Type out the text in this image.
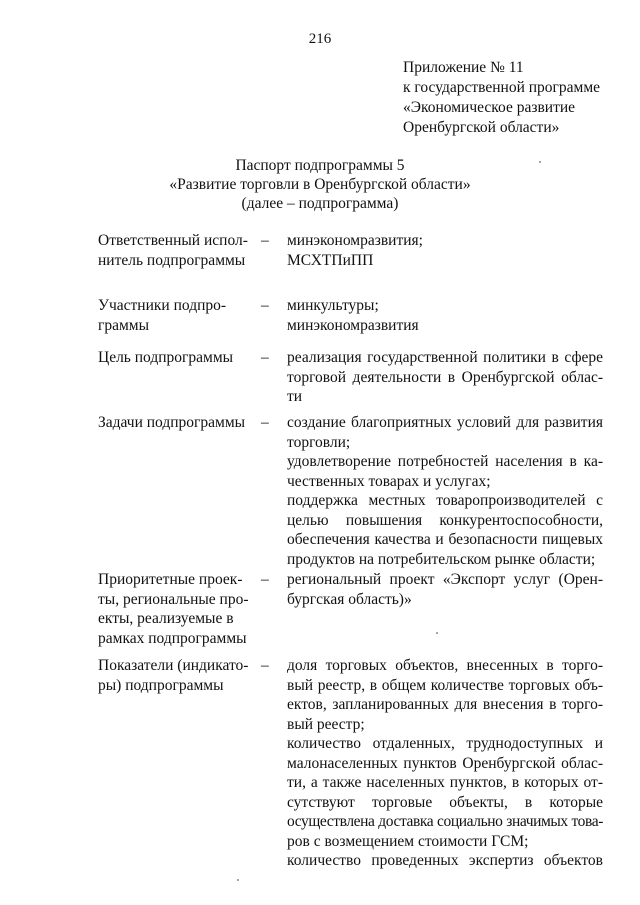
216
Приложение № 11
к государственной программе
«Экономическое развитие
Оренбургской области»
Паспорт подпрограммы 5
«Развитие торговли в Оренбургской области»
(далее – подпрограмма)
Ответственный испол-
нитель подпрограммы
– минэкономразвития;
МСХТПиПП
Участники подпро-
граммы
– минкультуры;
минэкономразвития
Цель подпрограммы	– реализация государственной политики в сфере
торговой деятельности в Оренбургской облас-
ти
Задачи подпрограммы	– создание благоприятных условий для развития
торговли;
удовлетворение потребностей населения в ка-
чественных товарах и услугах;
поддержка местных товаропроизводителей с
целью повышения конкурентоспособности,
обеспечения качества и безопасности пищевых
продуктов на потребительском рынке области;
Приоритетные проек-
ты, региональные про-
екты, реализуемые в
рамках подпрограммы
– региональный проект «Экспорт услуг (Орен-
бургская область)»
Показатели (индикато-
ры) подпрограммы
– доля торговых объектов, внесенных в торго-
вый реестр, в общем количестве торговых объ-
ектов, запланированных для внесения в торго-
вый реестр;
количество отдаленных, труднодоступных и
малонаселенных пунктов Оренбургской облас-
ти, а также населенных пунктов, в которых от-
сутствуют торговые объекты, в которые
осуществлена доставка социально значимых това-
ров с возмещением стоимости ГСМ;
количество проведенных экспертиз объектов
